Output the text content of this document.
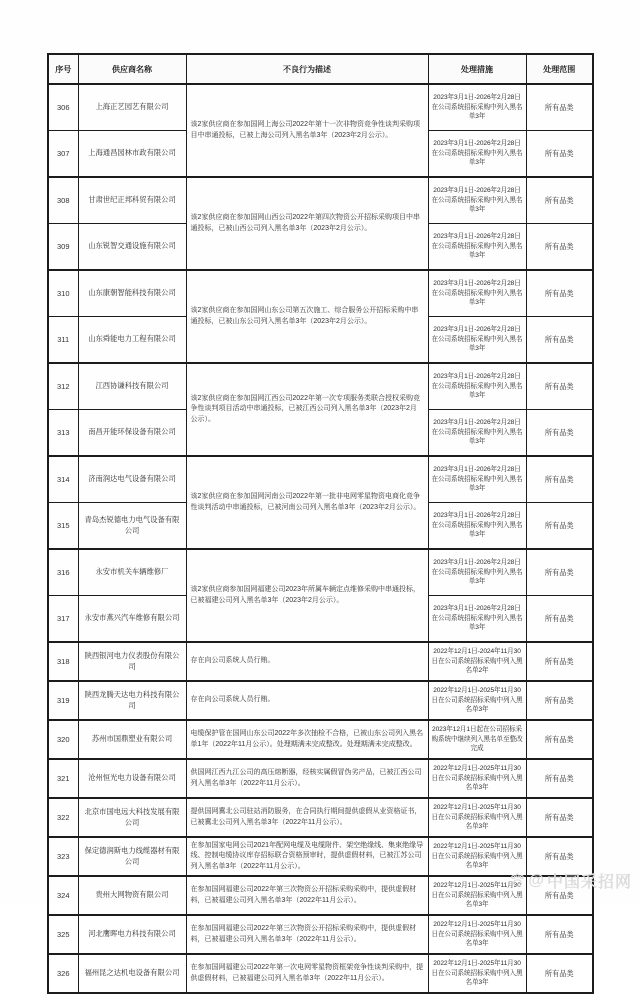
序号	供应商名称	不良行为描述	处理措施	处理范围
306	上海正艺园艺有限公司	该2家供应商在参加国网上海公司2022年第十一次非物资竞争性谈判采购项目中串通投标，已被上海公司列入黑名单3年（2023年2月公示）。	2023年3月1日-2026年2月28日在公司系统招标采购中列入黑名单3年	所有品类
307	上海通昌园林市政有限公司		2023年3月1日-2026年2月28日在公司系统招标采购中列入黑名单3年	所有品类
308	甘肃世纪正邦科贸有限公司	该2家供应商在参加国网山西公司2022年第四次物资公开招标采购项目中串通投标，已被山西公司列入黑名单3年（2023年2月公示）。	2023年3月1日-2026年2月28日在公司系统招标采购中列入黑名单3年	所有品类
309	山东锐智交通设施有限公司		2023年3月1日-2026年2月28日在公司系统招标采购中列入黑名单3年	所有品类
310	山东康朝智能科技有限公司	该2家供应商在参加国网山东公司第五次施工、综合服务公开招标采购中串通投标，已被山东公司列入黑名单3年（2023年2月公示）。	2023年3月1日-2026年2月28日在公司系统招标采购中列入黑名单3年	所有品类
311	山东舜能电力工程有限公司		2023年3月1日-2026年2月28日在公司系统招标采购中列入黑名单3年	所有品类
312	江西协谦科技有限公司	该2家供应商在参加国网江西公司2022年第一次专项服务类联合授权采购竞争性谈判项目活动中串通投标，已被江西公司列入黑名单3年（2023年2月公示）。	2023年3月1日-2026年2月28日在公司系统招标采购中列入黑名单3年	所有品类
313	南昌开能环保设备有限公司		2023年3月1日-2026年2月28日在公司系统招标采购中列入黑名单3年	所有品类
314	济南润达电气设备有限公司	该2家供应商在参加国网河南公司2022年第一批非电网零星物资电商化竞争性谈判活动中串通投标，已被河南公司列入黑名单3年（2023年2月公示）。	2023年3月1日-2026年2月28日在公司系统招标采购中列入黑名单3年	所有品类
315	青岛杰锐德电力电气设备有限公司		2023年3月1日-2026年2月28日在公司系统招标采购中列入黑名单3年	所有品类
316	永安市机关车辆维修厂	该2家供应商参加国网福建公司2023年所属车辆定点维修采购中串通投标，已被福建公司列入黑名单3年（2023年2月公示）。	2023年3月1日-2026年2月28日在公司系统招标采购中列入黑名单3年	所有品类
317	永安市燕兴汽车维修有限公司		2023年3月1日-2026年2月28日在公司系统招标采购中列入黑名单3年	所有品类
318	陕西银河电力仪表股份有限公司	存在向公司系统人员行贿。	2022年12月1日-2024年11月30日在公司系统招标采购中列入黑名单2年	所有品类
319	陕西龙腾天达电力科技有限公司	存在向公司系统人员行贿。	2022年12月1日-2025年11月30日在公司系统招标采购中列入黑名单3年	所有品类
320	苏州市国鼎塑业有限公司	电缆保护管在国网山东公司2022年多次抽检不合格，已被山东公司列入黑名单1年（2022年11月公示）。处理期满未完成整改。处理期满未完成整改。	2023年12月1日起在公司招标采购系统中继续列入黑名单至整改完成	所有品类
321	沧州恒光电力设备有限公司	供国网江西九江公司的高压熔断器，经核实属假冒伪劣产品，已被江西公司列入黑名单3年（2022年11月公示）。	2022年12月1日-2025年11月30日在公司系统招标采购中列入黑名单3年	所有品类
322	北京市国电远大科技发展有限公司	提供国网冀北公司驻站消防服务，在合同执行期间提供虚假从业资格证书，已被冀北公司列入黑名单3年（2022年11月公示）。	2022年12月1日-2025年11月30日在公司系统招标采购中列入黑名单3年	所有品类
323	保定德润斯电力线缆器材有限公司	在参加国家电网公司2021年配网电缆及电缆附件、架空绝缘线、集束绝缘导线、控制电缆协议库存招标联合资格预审时，提供虚假材料，已被江苏公司列入黑名单3年（2022年11月公示）。	2022年12月1日-2025年11月30日在公司系统招标采购中列入黑名单3年	所有品类
324	贵州大网物资有限公司	在参加国网福建公司2022年第三次物资公开招标采购采购中，提供虚假材料，已被福建公司列入黑名单3年（2022年11月公示）。	2022年12月1日-2025年11月30日在公司系统招标采购中列入黑名单3年	所有品类
325	河北鹰晖电力科技有限公司	在参加国网福建公司2022年第三次物资公开招标采购采购中，提供虚假材料，已被福建公司列入黑名单3年（2022年11月公示）。	2022年12月1日-2025年11月30日在公司系统招标采购中列入黑名单3年	所有品类
326	福州昆之达机电设备有限公司	在参加国网福建公司2022年第一次电网零星物资框架竞争性谈判采购中，提供虚假材料，已被福建公司列入黑名单3年（2022年11月公示）。	2022年12月1日-2025年11月30日在公司系统招标采购中列入黑名单3年	所有品类
@ 中国采招网
